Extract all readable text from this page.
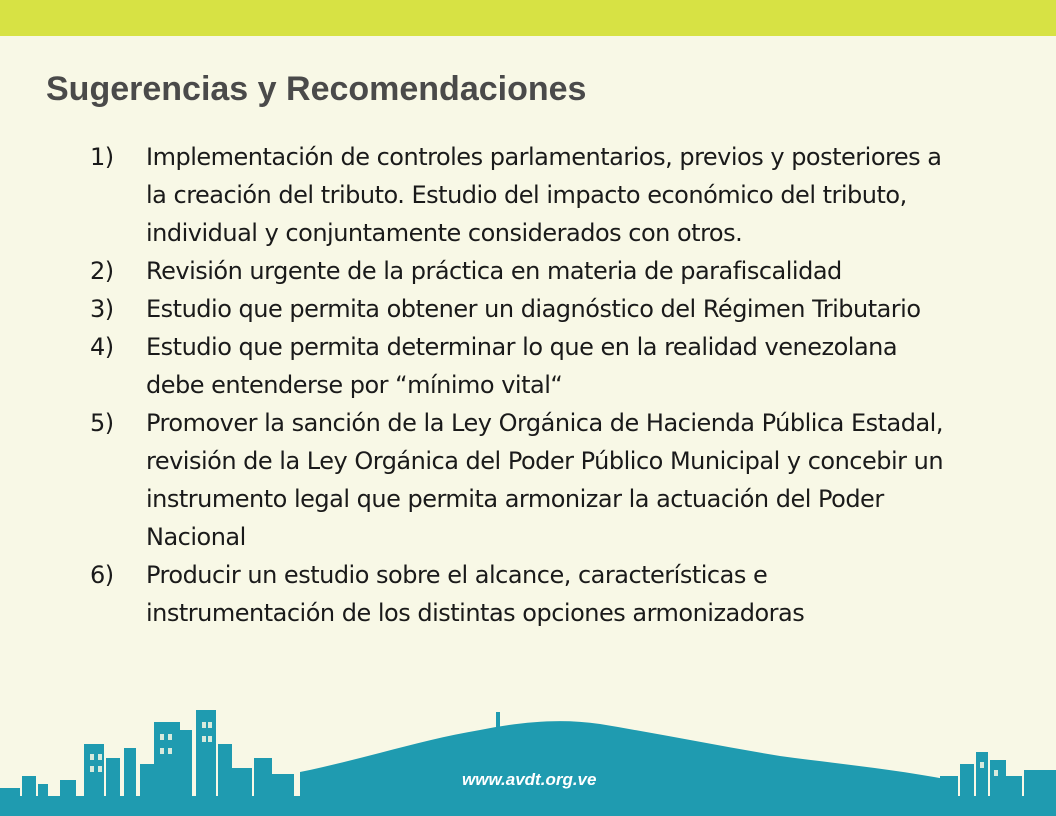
Sugerencias y Recomendaciones
1)	Implementación de controles parlamentarios, previos y posteriores a la creación del tributo. Estudio del impacto económico del tributo, individual y conjuntamente considerados con otros.
2)	Revisión urgente de la práctica en materia de parafiscalidad
3)	Estudio que permita obtener un diagnóstico del Régimen Tributario
4)	Estudio que permita determinar lo que en la realidad venezolana debe entenderse por “mínimo vital“
5)	Promover la sanción de la Ley Orgánica de Hacienda Pública Estadal, revisión de la Ley Orgánica del Poder Público Municipal y concebir un instrumento legal que permita armonizar la actuación del Poder Nacional
6)	Producir un estudio sobre el alcance, características e instrumentación de los distintas opciones armonizadoras
www.avdt.org.ve
